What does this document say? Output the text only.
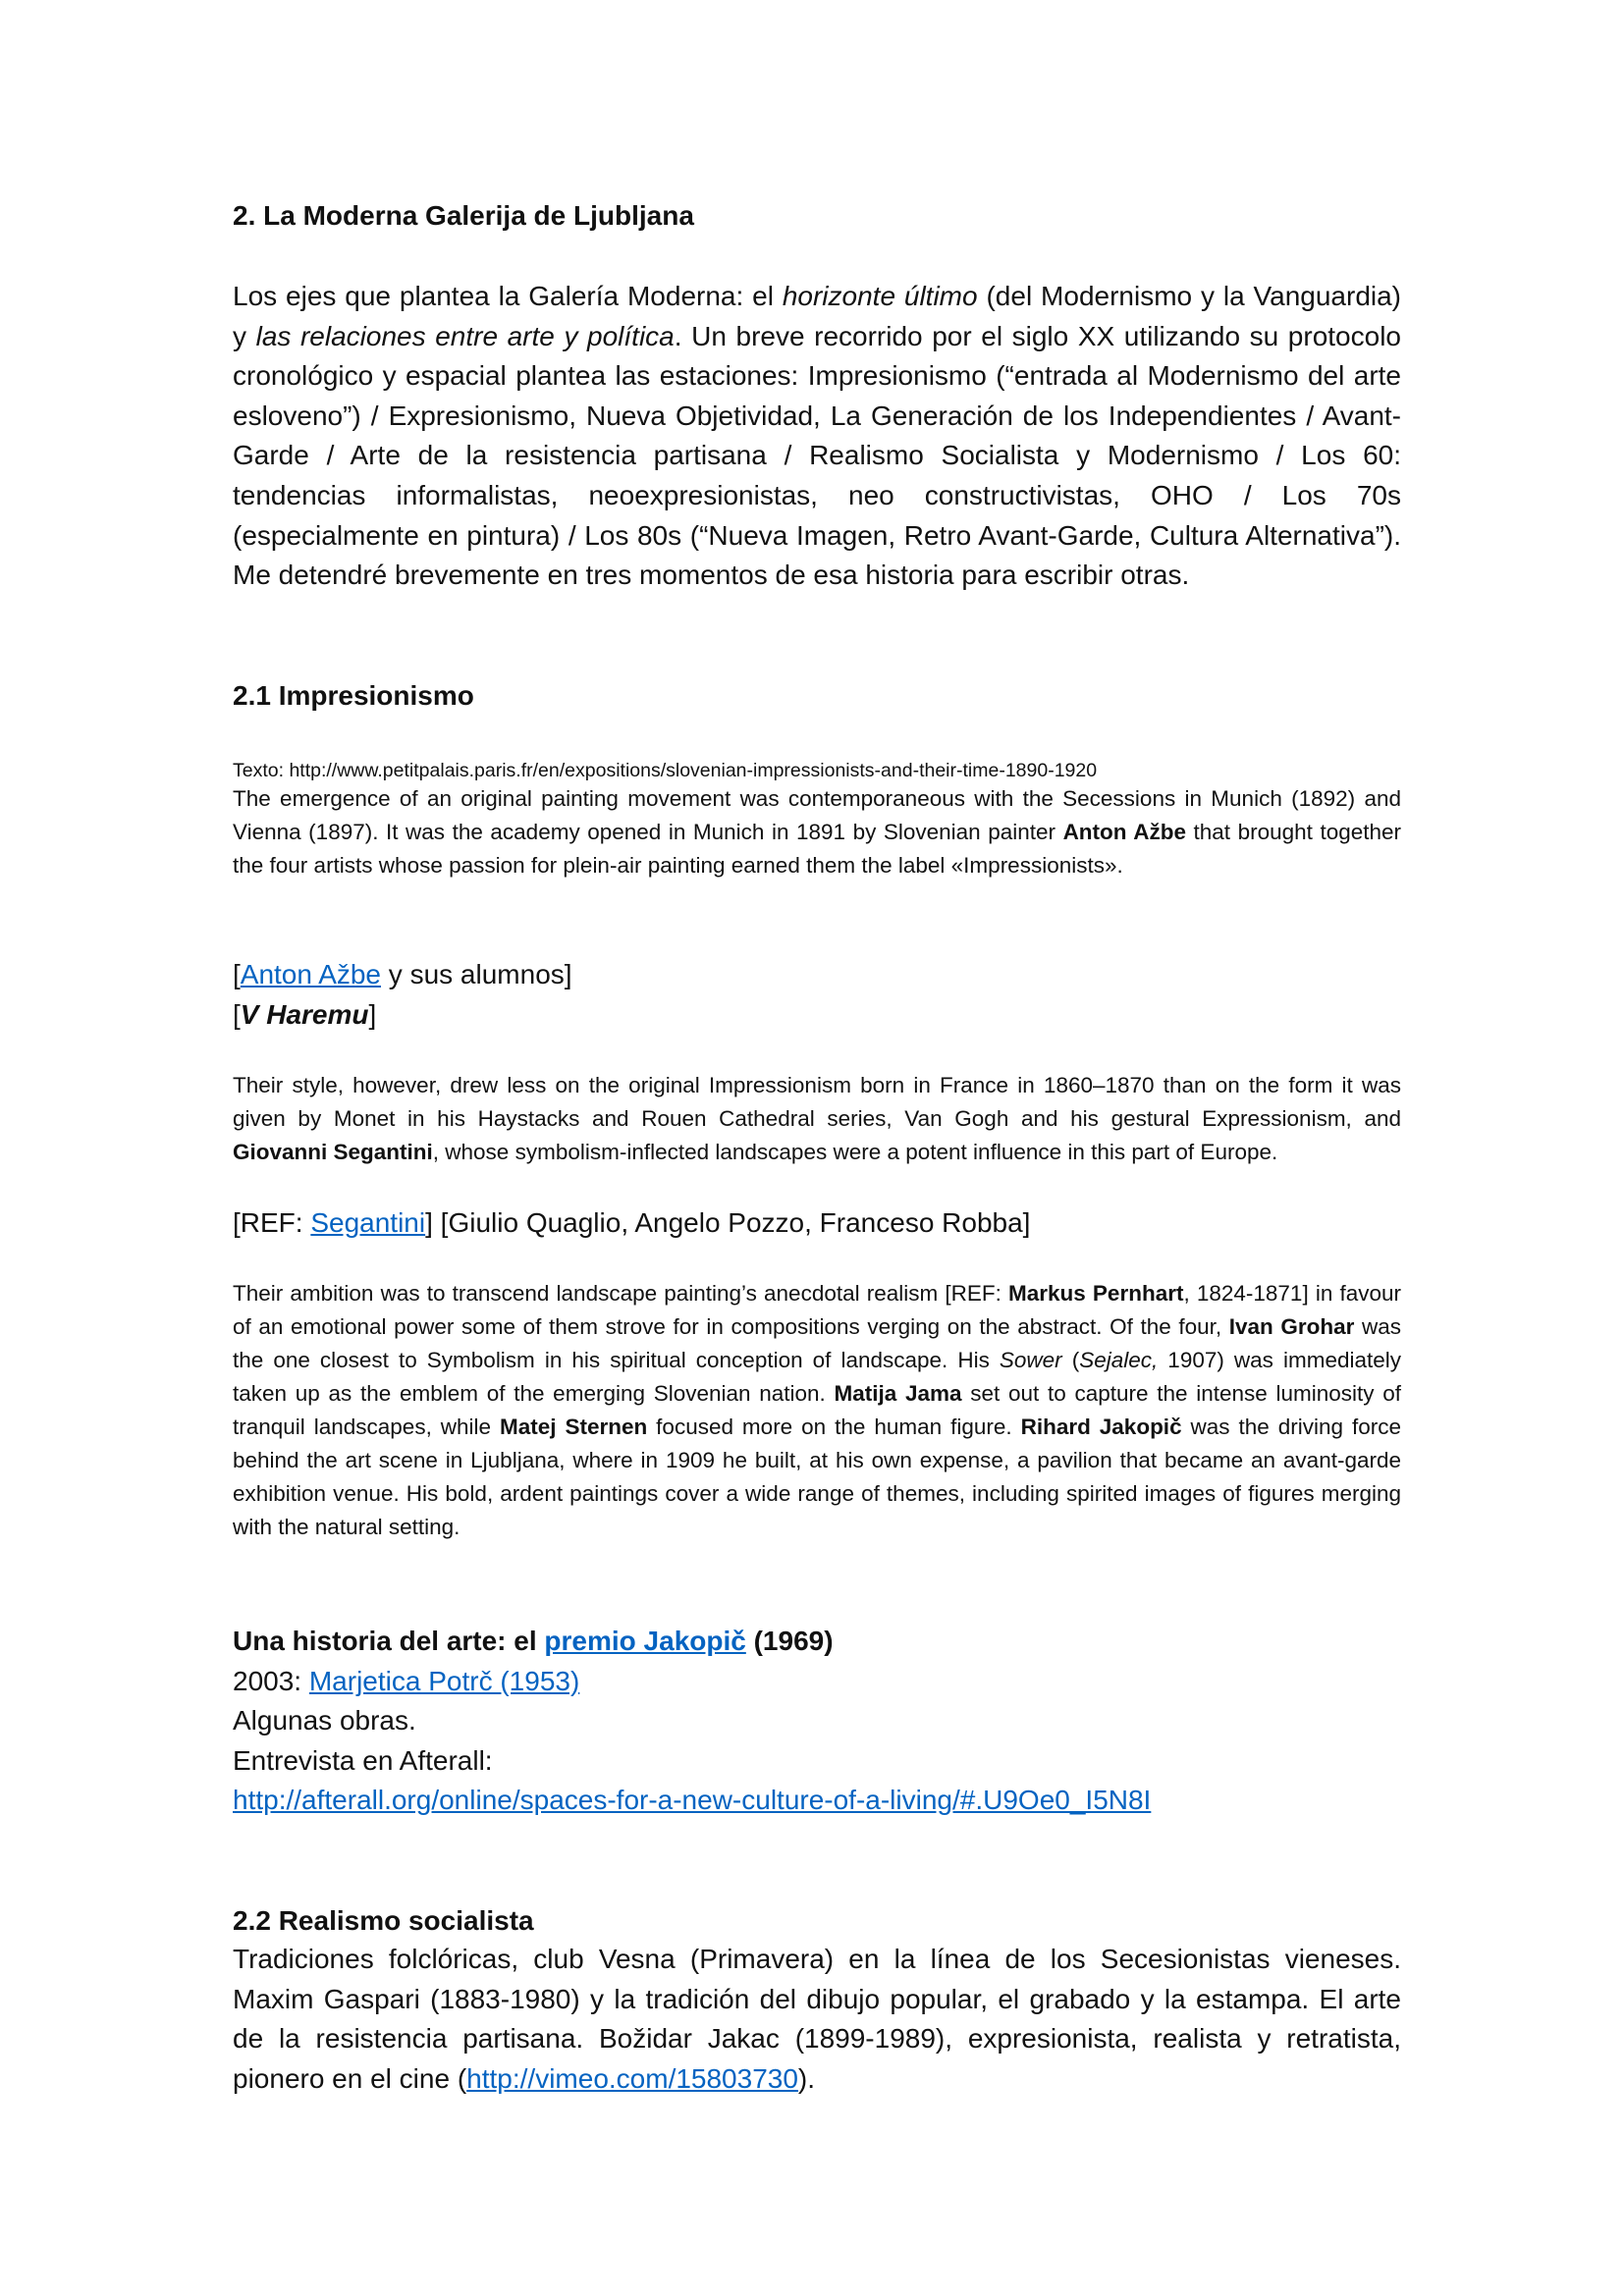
2. La Moderna Galerija de Ljubljana

Los ejes que plantea la Galería Moderna: el horizonte último (del Modernismo y la Vanguardia) y las relaciones entre arte y política. Un breve recorrido por el siglo XX utilizando su protocolo cronológico y espacial plantea las estaciones: Impresionismo (“entrada al Modernismo del arte esloveno”) / Expresionismo, Nueva Objetividad, La Generación de los Independientes / Avant-Garde / Arte de la resistencia partisana / Realismo Socialista y Modernismo / Los 60: tendencias informalistas, neoexpresionistas, neo constructivistas, OHO / Los 70s (especialmente en pintura) / Los 80s (“Nueva Imagen, Retro Avant-Garde, Cultura Alternativa”). Me detendré brevemente en tres momentos de esa historia para escribir otras.

2.1 Impresionismo
Texto: http://www.petitpalais.paris.fr/en/expositions/slovenian-impressionists-and-their-time-1890-1920

The emergence of an original painting movement was contemporaneous with the Secessions in Munich (1892) and Vienna (1897). It was the academy opened in Munich in 1891 by Slovenian painter Anton Ažbe that brought together the four artists whose passion for plein-air painting earned them the label «Impressionists».

[Anton Ažbe y sus alumnos]
[V Haremu]

Their style, however, drew less on the original Impressionism born in France in 1860–1870 than on the form it was given by Monet in his Haystacks and Rouen Cathedral series, Van Gogh and his gestural Expressionism, and Giovanni Segantini, whose symbolism-inflected landscapes were a potent influence in this part of Europe.

[REF: Segantini] [Giulio Quaglio, Angelo Pozzo, Franceso Robba]

Their ambition was to transcend landscape painting’s anecdotal realism [REF: Markus Pernhart, 1824-1871] in favour of an emotional power some of them strove for in compositions verging on the abstract. Of the four, Ivan Grohar was the one closest to Symbolism in his spiritual conception of landscape. His Sower (Sejalec, 1907) was immediately taken up as the emblem of the emerging Slovenian nation. Matija Jama set out to capture the intense luminosity of tranquil landscapes, while Matej Sternen focused more on the human figure. Rihard Jakopič was the driving force behind the art scene in Ljubljana, where in 1909 he built, at his own expense, a pavilion that became an avant-garde exhibition venue. His bold, ardent paintings cover a wide range of themes, including spirited images of figures merging with the natural setting.

Una historia del arte: el premio Jakopič (1969)
2003: Marjetica Potrč (1953)
Algunas obras.
Entrevista en Afterall:
http://afterall.org/online/spaces-for-a-new-culture-of-a-living/#.U9Oe0_I5N8I
2.2 Realismo socialista

Tradiciones folclóricas, club Vesna (Primavera) en la línea de los Secesionistas vieneses. Maxim Gaspari (1883-1980) y la tradición del dibujo popular, el grabado y la estampa. El arte de la resistencia partisana. Božidar Jakac (1899-1989), expresionista, realista y retratista, pionero en el cine (http://vimeo.com/15803730).
